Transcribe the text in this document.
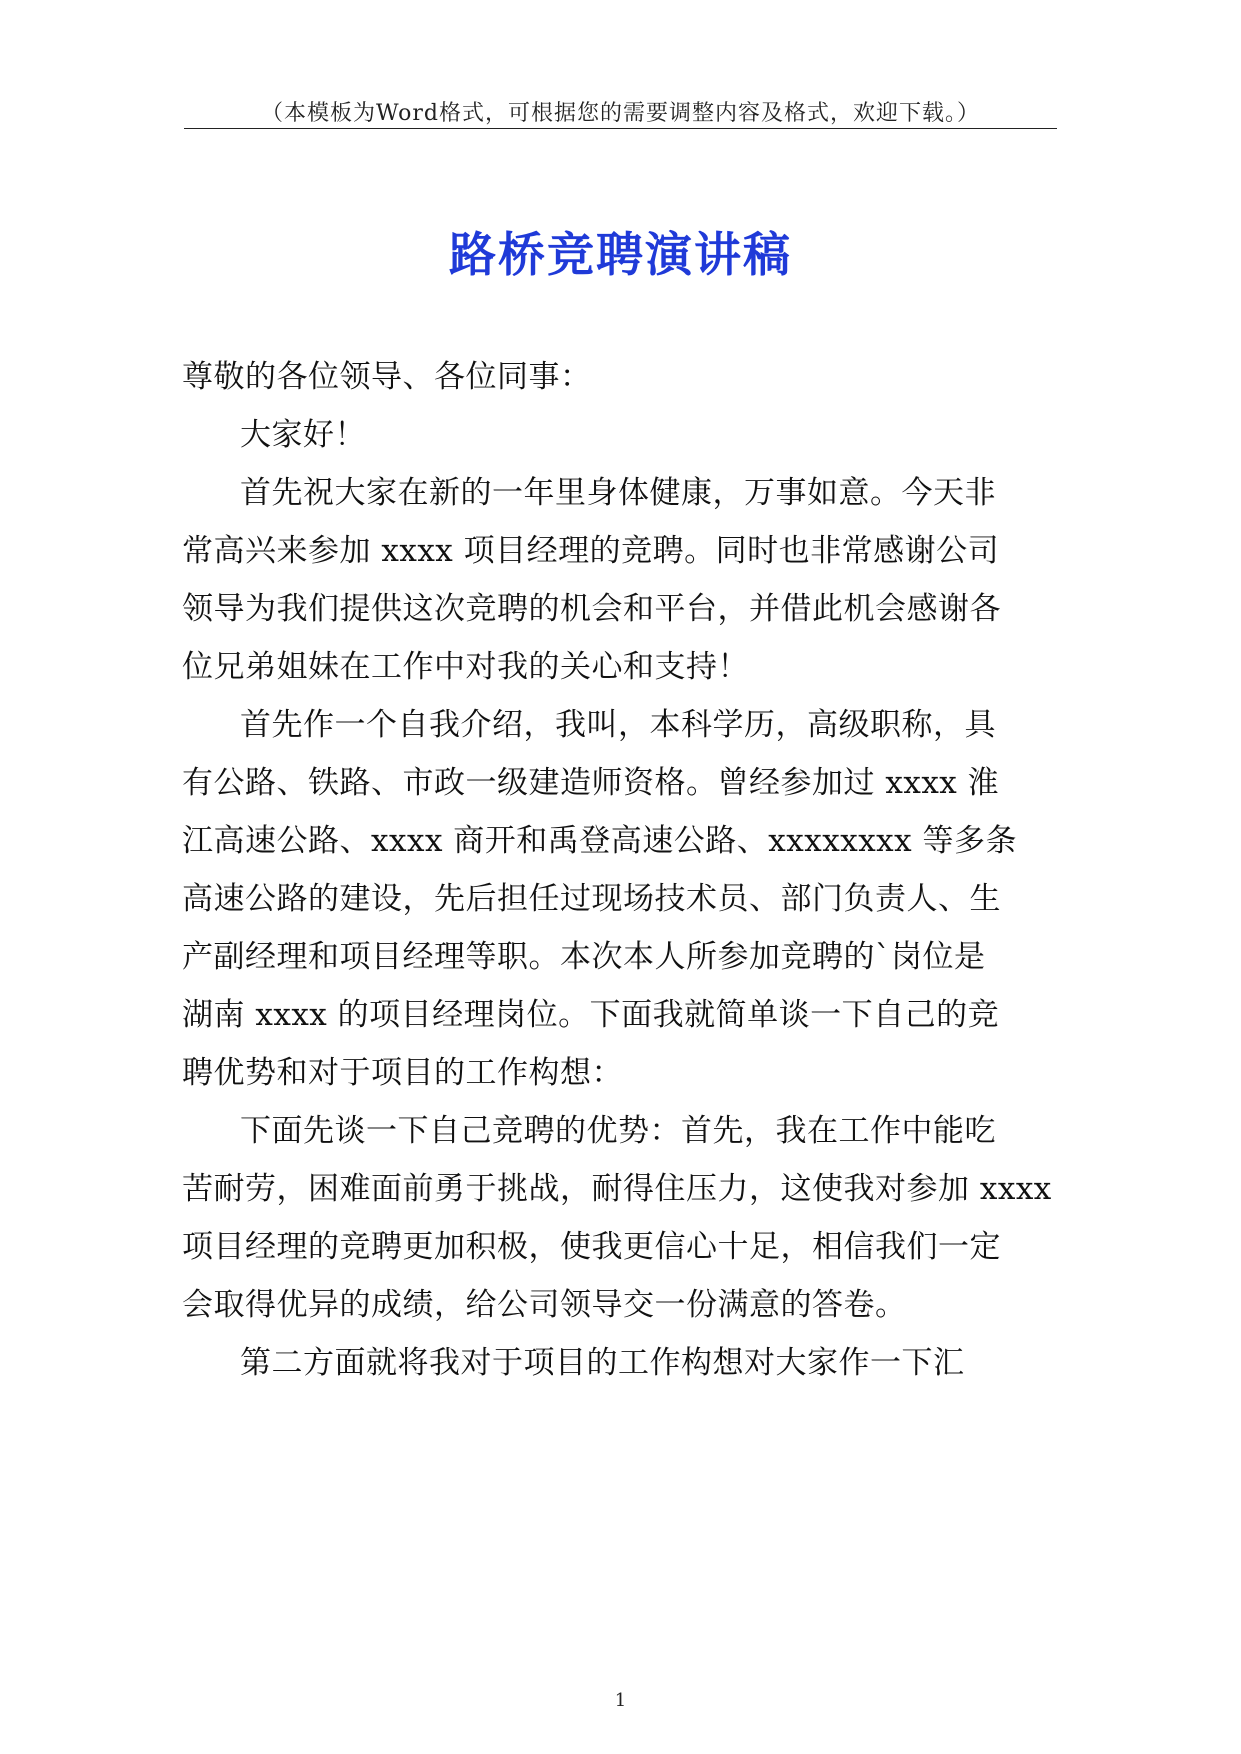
（本模板为Word格式，可根据您的需要调整内容及格式，欢迎下载。）
路桥竞聘演讲稿
尊敬的各位领导、各位同事：
大家好！
首先祝大家在新的一年里身体健康，万事如意。今天非
常高兴来参加 xxxx 项目经理的竞聘。同时也非常感谢公司
领导为我们提供这次竞聘的机会和平台，并借此机会感谢各
位兄弟姐妹在工作中对我的关心和支持！
首先作一个自我介绍，我叫，本科学历，高级职称，具
有公路、铁路、市政一级建造师资格。曾经参加过 xxxx 淮
江高速公路、xxxx 商开和禹登高速公路、xxxxxxxx 等多条
高速公路的建设，先后担任过现场技术员、部门负责人、生
产副经理和项目经理等职。本次本人所参加竞聘的`岗位是
湖南 xxxx 的项目经理岗位。下面我就简单谈一下自己的竞
聘优势和对于项目的工作构想：
下面先谈一下自己竞聘的优势：首先，我在工作中能吃
苦耐劳，困难面前勇于挑战，耐得住压力，这使我对参加 xxxx
项目经理的竞聘更加积极，使我更信心十足，相信我们一定
会取得优异的成绩，给公司领导交一份满意的答卷。
第二方面就将我对于项目的工作构想对大家作一下汇
1
